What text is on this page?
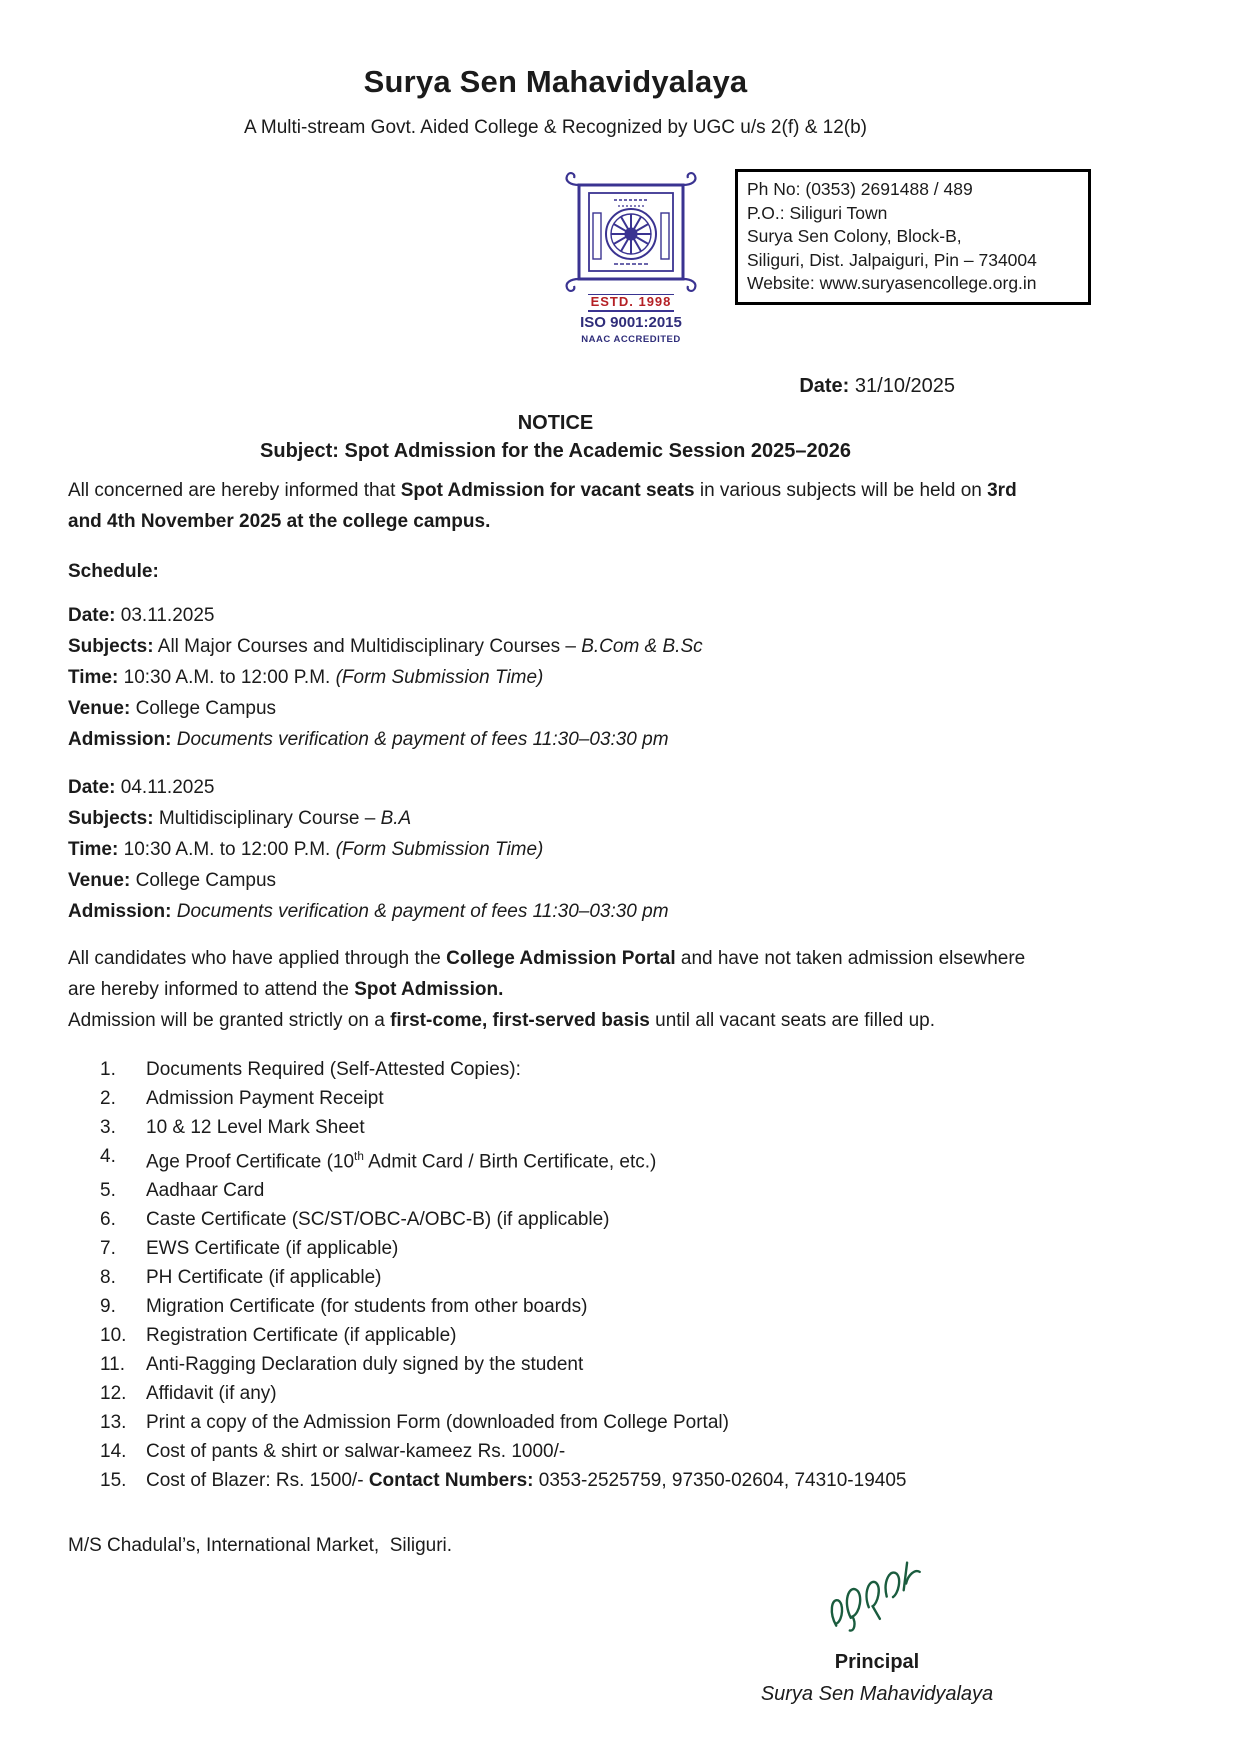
Surya Sen Mahavidyalaya
A Multi-stream Govt. Aided College & Recognized by UGC u/s 2(f) & 12(b)
ESTD. 1998
ISO 9001:2015
NAAC ACCREDITED
Ph No: (0353) 2691488 / 489
P.O.: Siliguri Town
Surya Sen Colony, Block-B,
Siliguri, Dist. Jalpaiguri, Pin – 734004
Website: www.suryasencollege.org.in
Date: 31/10/2025
NOTICE
Subject: Spot Admission for the Academic Session 2025–2026

All concerned are hereby informed that Spot Admission for vacant seats in various subjects will be held on 3rd and 4th November 2025 at the college campus.

Schedule:
Date: 03.11.2025
Subjects: All Major Courses and Multidisciplinary Courses – B.Com & B.Sc
Time: 10:30 A.M. to 12:00 P.M. (Form Submission Time)
Venue: College Campus
Admission: Documents verification & payment of fees 11:30–03:30 pm
Date: 04.11.2025
Subjects: Multidisciplinary Course – B.A
Time: 10:30 A.M. to 12:00 P.M. (Form Submission Time)
Venue: College Campus
Admission: Documents verification & payment of fees 11:30–03:30 pm

All candidates who have applied through the College Admission Portal and have not taken admission elsewhere are hereby informed to attend the Spot Admission.
Admission will be granted strictly on a first-come, first-served basis until all vacant seats are filled up.

Documents Required (Self-Attested Copies):
Admission Payment Receipt
10 & 12 Level Mark Sheet
Age Proof Certificate (10th Admit Card / Birth Certificate, etc.)
Aadhaar Card
Caste Certificate (SC/ST/OBC-A/OBC-B) (if applicable)
EWS Certificate (if applicable)
PH Certificate (if applicable)
Migration Certificate (for students from other boards)
Registration Certificate (if applicable)
Anti-Ragging Declaration duly signed by the student
Affidavit (if any)
Print a copy of the Admission Form (downloaded from College Portal)
Cost of pants & shirt or salwar-kameez Rs. 1000/-
Cost of Blazer: Rs. 1500/- Contact Numbers: 0353-2525759, 97350-02604, 74310-19405
M/S Chadulal’s, International Market,  Siliguri.
Principal
Surya Sen Mahavidyalaya
